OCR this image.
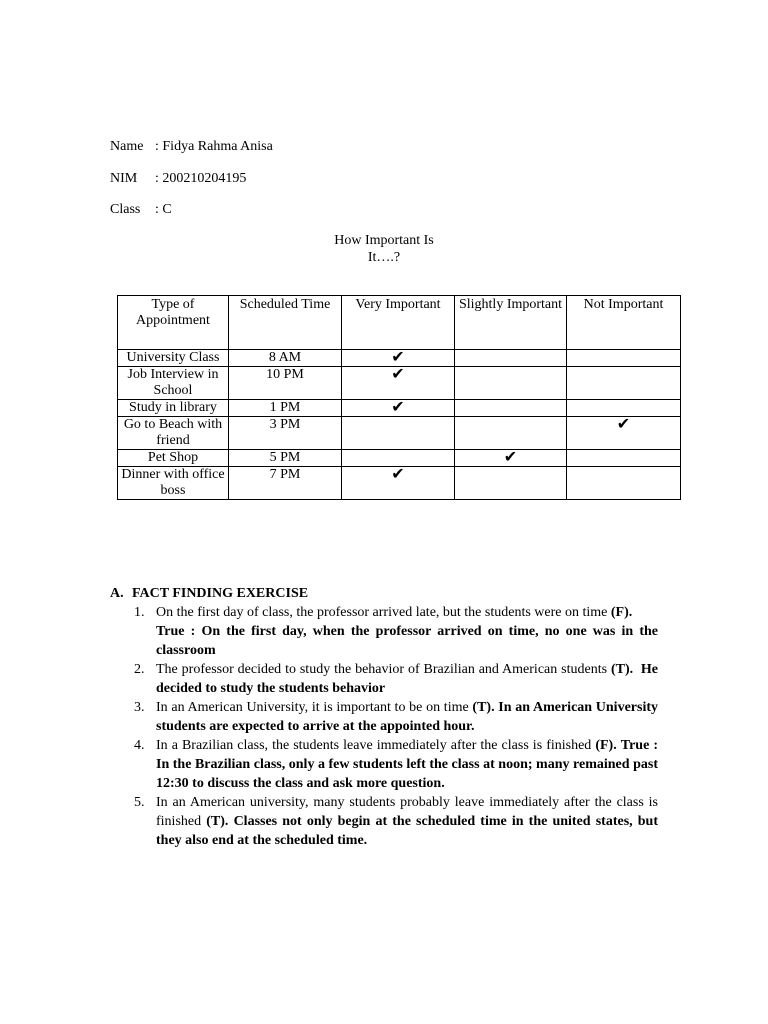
Name : Fidya Rahma Anisa
NIM : 200210204195
Class : C
How Important Is
It….?
Type of Appointment	Scheduled Time	Very Important	Slightly Important	Not Important
University Class	8 AM	✔		
Job Interview in School	10 PM	✔		
Study in library	1 PM	✔		
Go to Beach with friend	3 PM			✔
Pet Shop	5 PM		✔	
Dinner with office boss	7 PM	✔		
A. FACT FINDING EXERCISE
1. On the first day of class, the professor arrived late, but the students were on time (F).
True : On the first day, when the professor arrived on time, no one was in the classroom
2. The professor decided to study the behavior of Brazilian and American students (T). He decided to study the students behavior
3. In an American University, it is important to be on time (T). In an American University students are expected to arrive at the appointed hour.
4. In a Brazilian class, the students leave immediately after the class is finished (F). True : In the Brazilian class, only a few students left the class at noon; many remained past 12:30 to discuss the class and ask more question.
5. In an American university, many students probably leave immediately after the class is finished (T). Classes not only begin at the scheduled time in the united states, but they also end at the scheduled time.
